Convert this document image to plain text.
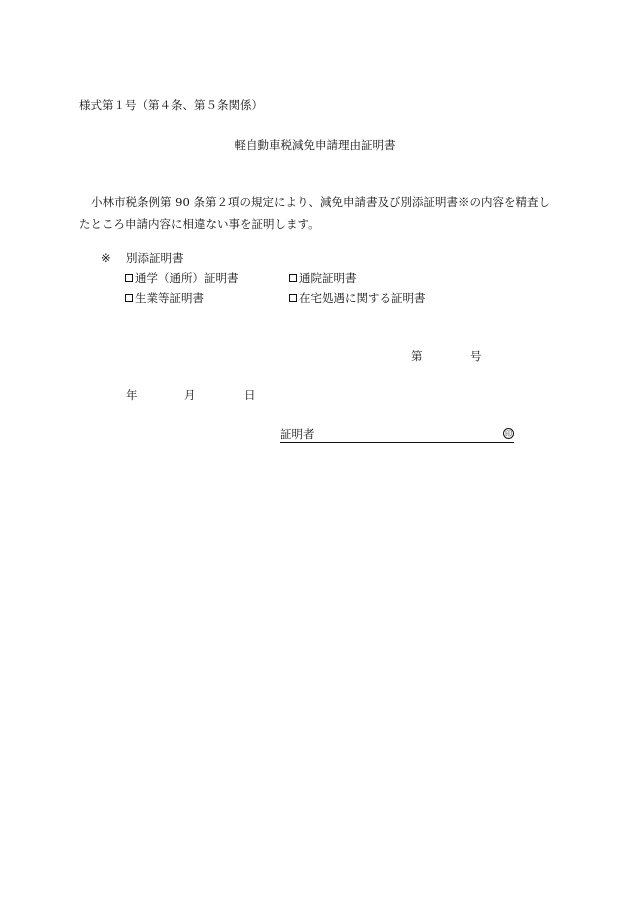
様式第１号（第４条、第５条関係）
軽自動車税減免申請理由証明書
小林市税条例第 90 条第２項の規定により、減免申請書及び別添証明書※の内容を精査したところ申請内容に相違ない事を証明します。
※ 別添証明書
通学（通所）証明書	通院証明書
生業等証明書	在宅処遇に関する証明書
第	号
年	月	日
証明者	印
